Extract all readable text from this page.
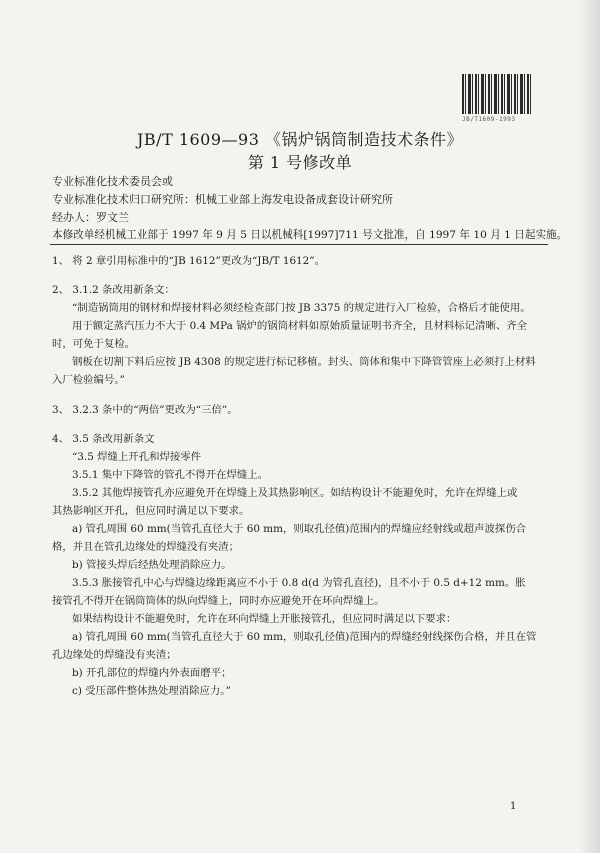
JB/T1609-1993
JB/T 1609—93 《锅炉锅筒制造技术条件》
第 1 号修改单
专业标准化技术委员会或
专业标准化技术归口研究所：机械工业部上海发电设备成套设计研究所
经办人：罗文兰
本修改单经机械工业部于 1997 年 9 月 5 日以机械科[1997]711 号文批准，自 1997 年 10 月 1 日起实施。
1、 将 2 章引用标准中的“JB 1612”更改为“JB/T 1612”。
2、 3.1.2 条改用新条文：
“制造锅筒用的钢材和焊接材料必须经检查部门按 JB 3375 的规定进行入厂检验，合格后才能使用。
用于额定蒸汽压力不大于 0.4 MPa 锅炉的锅筒材料如原始质量证明书齐全，且材料标记清晰、齐全
时，可免于复检。
钢板在切割下料后应按 JB 4308 的规定进行标记移植。封头、筒体和集中下降管管座上必须打上材料
入厂检验编号。”
3、 3.2.3 条中的“两倍”更改为“三倍”。
4、 3.5 条改用新条文
“3.5 焊缝上开孔和焊接零件
3.5.1 集中下降管的管孔不得开在焊缝上。
3.5.2 其他焊接管孔亦应避免开在焊缝上及其热影响区。如结构设计不能避免时，允许在焊缝上或
其热影响区开孔，但应同时满足以下要求。
a) 管孔周围 60 mm(当管孔直径大于 60 mm，则取孔径值)范围内的焊缝应经射线或超声波探伤合
格，并且在管孔边缘处的焊缝没有夹渣；
b) 管接头焊后经热处理消除应力。
3.5.3 胀接管孔中心与焊缝边缘距离应不小于 0.8 d(d 为管孔直径)，且不小于 0.5 d+12 mm。胀
接管孔不得开在锅筒筒体的纵向焊缝上，同时亦应避免开在环向焊缝上。
如果结构设计不能避免时，允许在环向焊缝上开胀接管孔，但应同时满足以下要求：
a) 管孔周围 60 mm(当管孔直径大于 60 mm，则取孔径值)范围内的焊缝经射线探伤合格，并且在管
孔边缘处的焊缝没有夹渣；
b) 开孔部位的焊缝内外表面磨平；
c) 受压部件整体热处理消除应力。”
1
